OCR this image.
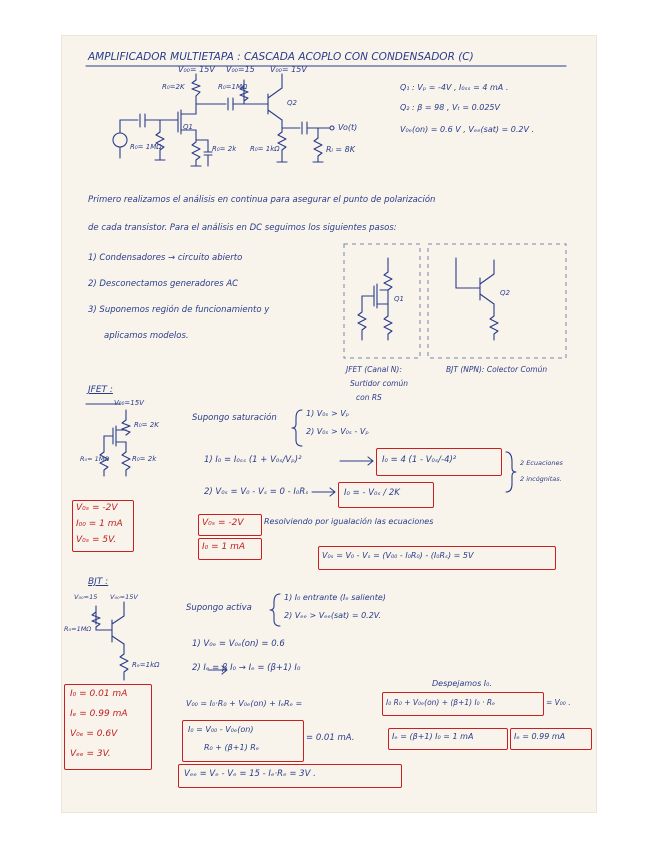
AMPLIFICADOR MULTIETAPA : CASCADA ACOPLO CON CONDENSADOR (C)
V₀₀= 15V V₀₀=15 V₀₀= 15V
R₀=2K	R₀=1MΩ
Q1
Q2
R₀= 1MΩ	R₀= 2k R₀= 1kΩ
Vo(t)
Rₗ = 8K
Q₁ : Vₚ = -4V , I₀ₛₛ = 4 mA .
Q₂ : β = 98 , Vₜ = 0.025V
V₀ₑ(on) = 0.6 V , Vₑₑ(sat) = 0.2V .
Primero realizamos el análisis en continua para asegurar el punto de polarización
de cada transistor. Para el análisis en DC seguimos los siguientes pasos:
1) Condensadores → circuito abierto
2) Desconectamos generadores AC
3) Suponemos región de funcionamiento y
aplicamos modelos.
Q1
Q2
JFET (Canal N):
Surtidor común
con RS
BJT (NPN): Colector Común
JFET :
V₀₀=15V
R₀= 2K
R₀= 1MΩ	R₀= 2k
V₀ₛ = -2V
I₀₀ = 1 mA
V₀ₛ = 5V.
Supongo saturación	1) V₀ₛ > Vₚ
2) V₀ₛ > V₀ₛ - Vₚ
1) I₀ = I₀ₛₛ (1 + V₀ₛ/Vₚ)²	I₀ = 4 (1 - V₀ₛ/-4)²	2 Ecuaciones
2 incógnitas.
2) V₀ₛ = V₀ - Vₛ = 0 - I₀Rₛ	I₀ = - V₀ₛ / 2K
V₀ₛ = -2V	Resolviendo por igualación las ecuaciones
I₀ = 1 mA
V₀ₛ = V₀ - Vₛ = (V₀₀ - I₀R₀) - (I₀Rₛ) = 5V
BJT :
V₀₀=15 V₀₀=15V
R₀=1MΩ
Rₑ=1kΩ
I₀ = 0.01 mA
Iₑ = 0.99 mA
V₀ₑ = 0.6V
Vₑₑ = 3V.
Supongo activa
1) I₀ entrante (Iₑ saliente)
2) Vₑₑ > Vₑₑ(sat) = 0.2V.
1) V₀ₑ = V₀ₑ(on) = 0.6
2) Iₑ = β I₀ → Iₑ = (β+1) I₀
Despejamos I₀.
V₀₀ = I₀·R₀ + V₀ₑ(on) + IₑRₑ =	I₀ R₀ + V₀ₑ(on) + (β+1) I₀ · Rₑ	= V₀₀ .
I₀ = V₀₀ - V₀ₑ(on)
R₀ + (β+1) Rₑ
= 0.01 mA.	Iₑ = (β+1) I₀ = 1 mA	Iₑ = 0.99 mA
Vₑₑ = Vₑ - Vₑ = 15 - Iₑ·Rₑ = 3V .
